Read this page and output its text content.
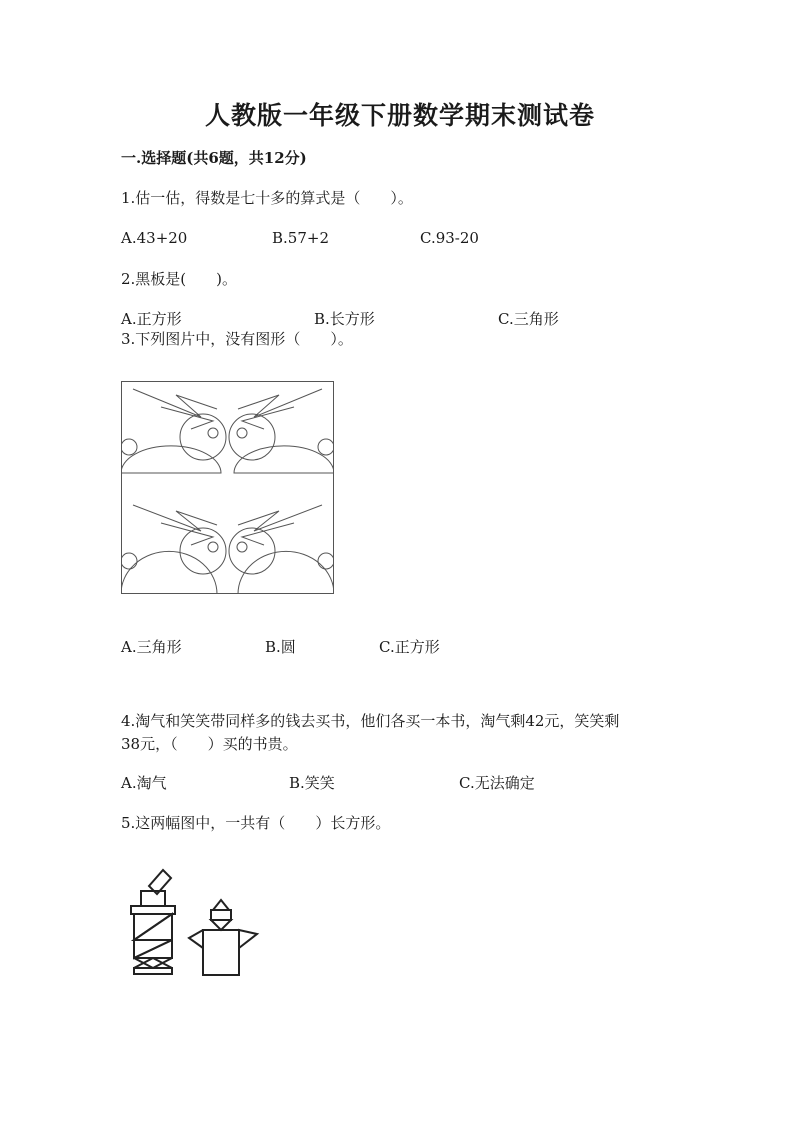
人教版一年级下册数学期末测试卷
一.选择题(共6题，共12分)
1.估一估，得数是七十多的算式是（　　）。
A.43+20	B.57+2	C.93-20
2.黑板是(　　)。
A.正方形	B.长方形	C.三角形
3.下列图片中，没有图形（　　）。
A.三角形	B.圆	C.正方形
4.淘气和笑笑带同样多的钱去买书，他们各买一本书，淘气剩42元，笑笑剩
38元，（　　）买的书贵。
A.淘气	B.笑笑	C.无法确定
5.这两幅图中，一共有（　　）长方形。
